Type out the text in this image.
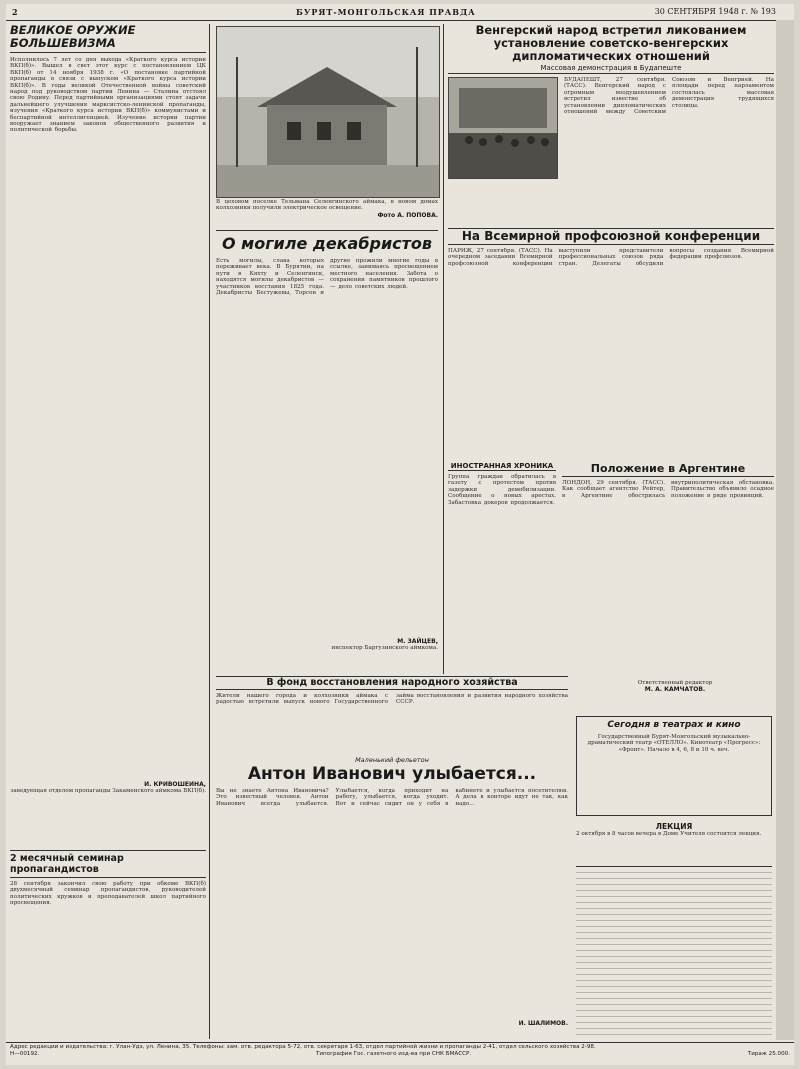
2	БУРЯТ-МОНГОЛЬСКАЯ ПРАВДА	30 СЕНТЯБРЯ 1948 г. № 193
ВЕЛИКОЕ ОРУЖИЕ БОЛЬШЕВИЗМА
Исполнилось 7 лет со дня выхода «Краткого курса истории ВКП(б)». Вышел в свет этот курс с постановлением ЦК ВКП(б) от 14 ноября 1938 г. «О постановке партийной пропаганды в связи с выпуском «Краткого курса истории ВКП(б)». В годы великой Отечественной войны советский народ под руководством партии Ленина — Сталина отстоял свою Родину. Перед партийными организациями стоят задачи дальнейшего улучшения марксистско-ленинской пропаганды, изучения «Краткого курса истории ВКП(б)» коммунистами и беспартийной интеллигенцией. Изучение истории партии вооружает знанием законов общественного развития и политической борьбы.
И. КРИВОШЕИНА,
заведующая отделом пропаганды Закаменского аймкома ВКП(б).
2 месячный семинар пропагандистов
28 сентября закончил свою работу при обкоме ВКП(б) двухмесячный семинар пропагандистов, руководителей политических кружков и преподавателей школ партийного просвещения.
В цеховом поселке Тельмана Селенгинского аймака, в новом домах колхозники получили электрическое освещение.
Фото А. ПОПОВА.
О могиле декабристов
Есть могилы, слава которых переживает века. В Бурятии, на пути в Кяхту и Селенгинск, находятся могилы декабристов — участников восстания 1825 года. Декабристы Бестужевы, Торсон и другие прожили многие годы в ссылке, занимаясь просвещением местного населения. Забота о сохранении памятников прошлого — дело советских людей.
М. ЗАЙЦЕВ,
инспектор Баргузинского аймкома.
В фонд восстановления народного хозяйства
Жители нашего города и колхозники аймака с радостью встретили выпуск нового Государственного займа восстановления и развития народного хозяйства СССР.
Маленький фельетон
Антон Иванович улыбается...
Вы не знаете Антона Ивановича? Это известный человек. Антон Иванович всегда улыбается. Улыбается, когда приходит на работу, улыбается, когда уходит. Вот и сейчас сидит он у себя в кабинете и улыбается посетителям. А дела в конторе идут не так, как надо...
И. ШАЛИМОВ.
Венгерский народ встретил ликованием установление советско-венгерских дипломатических отношений
Массовая демонстрация в Будапеште
БУДАПЕШТ, 27 сентября. (ТАСС). Венгерский народ с огромным воодушевлением встретил известие об установлении дипломатических отношений между Советским Союзом и Венгрией. На площади перед парламентом состоялась массовая демонстрация трудящихся столицы.
На Всемирной профсоюзной конференции
ПАРИЖ, 27 сентября. (ТАСС). На очередном заседании Всемирной профсоюзной конференции выступили представители профессиональных союзов ряда стран. Делегаты обсудили вопросы создания Всемирной федерации профсоюзов.
ИНОСТРАННАЯ ХРОНИКА
Группа граждан обратилась в газету с протестом против задержки демобилизации. Сообщение о новых арестах. Забастовка докеров продолжается.
Положение в Аргентине
ЛОНДОН, 29 сентября. (ТАСС). Как сообщает агентство Рейтер, в Аргентине обострилась внутриполитическая обстановка. Правительство объявило осадное положение в ряде провинций.
Ответственный редактор
М. А. КАМЧАТОВ.
Сегодня в театрах и кино
Государственный Бурят-Монгольский музыкально-драматический театр «ОТЕЛЛО». Кинотеатр «Прогресс»: «Фронт». Начало в 4, 6, 8 и 10 ч. веч.
ЛЕКЦИЯ
2 октября в 8 часов вечера в Доме Учителя состоится лекция.
Адрес редакции и издательства: г. Улан-Удэ, ул. Ленина, 35. Телефоны: зам. отв. редактора 5-72, отв. секретаря 1-63, отдел партийной жизни и пропаганды 2-41, отдел сельского хозяйства 2-98.
Н—00192.	Типография Гос. газетного изд-ва при СНК БМАССР.	Тираж 25.000.
